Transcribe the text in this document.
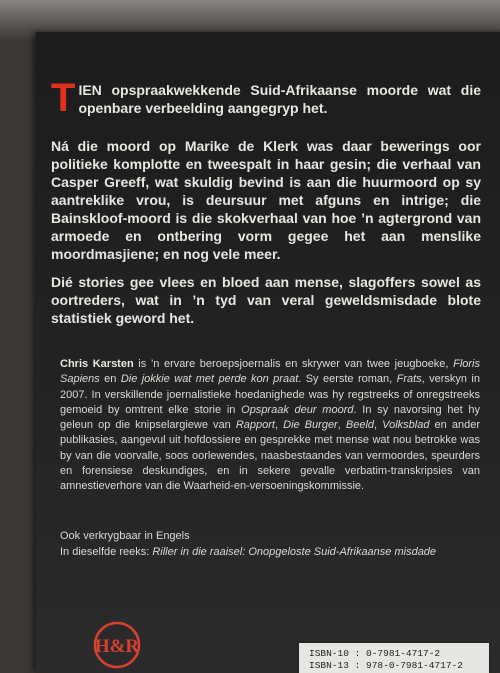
TIEN opspraakwekkende Suid-Afrikaanse moorde wat die openbare verbeelding aangegryp het.

Ná die moord op Marike de Klerk was daar bewerings oor politieke komplotte en tweespalt in haar gesin; die verhaal van Casper Greeff, wat skuldig bevind is aan die huurmoord op sy aantreklike vrou, is deursuur met afguns en intrige; die Bainskloof-moord is die skokverhaal van hoe ’n agtergrond van armoede en ontbering vorm gegee het aan menslike moordmasjiene; en nog vele meer.

Dié stories gee vlees en bloed aan mense, slagoffers sowel as oortreders, wat in ’n tyd van veral geweldsmisdade blote statistiek geword het.

Chris Karsten is ’n ervare beroepsjoernalis en skrywer van twee jeugboeke, Floris Sapiens en Die jokkie wat met perde kon praat. Sy eerste roman, Frats, verskyn in 2007. In verskillende joernalistieke hoedanighede was hy regstreeks of onregstreeks gemoeid by omtrent elke storie in Opspraak deur moord. In sy navorsing het hy geleun op die knipselargiewe van Rapport, Die Burger, Beeld, Volksblad en ander publikasies, aangevul uit hofdossiere en gesprekke met mense wat nou betrokke was by van die voorvalle, soos oorlewendes, naasbestaandes van vermoordes, speurders en forensiese deskundiges, en in sekere gevalle verbatim-transkripsies van amnestieverhore van die Waarheid-en-versoeningskommissie.

Ook verkrygbaar in Engels

In dieselfde reeks: Riller in die raaisel: Onopgeloste Suid-Afrikaanse misdade

H&R	ISBN-10 : 0-7981-4717-2

ISBN-13 : 978-0-7981-4717-2
